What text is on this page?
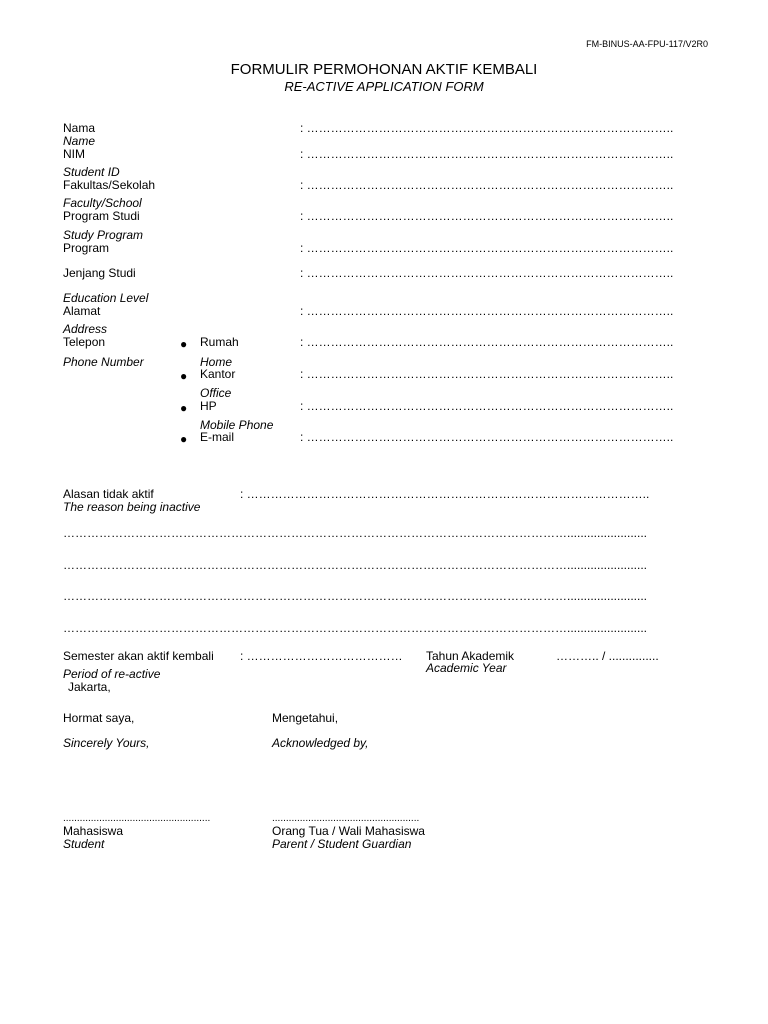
FM-BINUS-AA-FPU-117/V2R0
FORMULIR PERMOHONAN AKTIF KEMBALI
RE-ACTIVE APPLICATION FORM
Nama
Name
: ………………………………………………………………………………..
NIM	: ………………………………………………………………………………..
Student ID
Fakultas/Sekolah	: ………………………………………………………………………………..
Faculty/School
Program Studi	: ………………………………………………………………………………..
Study Program
Program	: ………………………………………………………………………………..
Jenjang Studi	: ………………………………………………………………………………..
Education Level
Alamat	: ………………………………………………………………………………..
Address
Telepon
Phone Number
● Rumah	: ………………………………………………………………………………..
Home
● Kantor	: ………………………………………………………………………………..
Office
● HP	: ………………………………………………………………………………..
Mobile Phone
● E-mail	: ………………………………………………………………………………..
Alasan tidak aktif	: ………………………………………………………………………………………..
The reason being inactive
………………………………………………………………………………………………………………........................
………………………………………………………………………………………………………………........................
………………………………………………………………………………………………………………........................
………………………………………………………………………………………………………………........................
Semester akan aktif kembali : …………………………………
Period of re-active
Tahun Akademik
Academic Year
……….. / ...............
Jakarta,
Hormat saya,
Sincerely Yours,
Mengetahui,
Acknowledged by,
.....................................................	.....................................................
Mahasiswa
Student
Orang Tua / Wali Mahasiswa
Parent / Student Guardian
